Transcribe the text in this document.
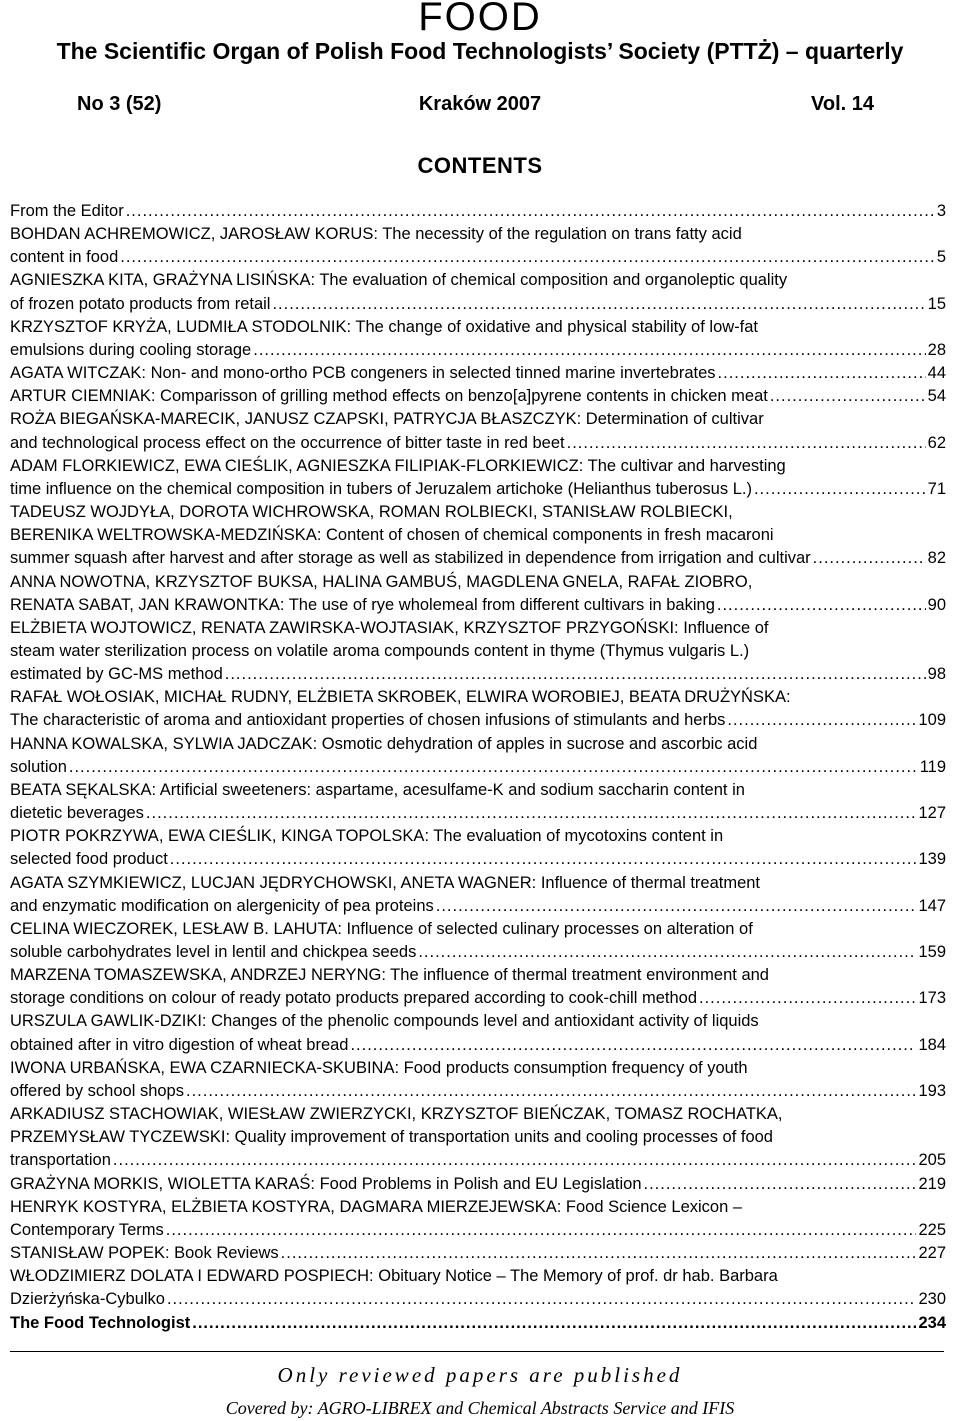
FOOD
The Scientific Organ of Polish Food Technologists’ Society (PTTŻ) – quarterly
No 3 (52)	Kraków 2007	Vol. 14
CONTENTS
From the Editor .....	3
BOHDAN ACHREMOWICZ, JAROSŁAW KORUS: The necessity of the regulation on trans fatty acid
content in food .....	5
AGNIESZKA KITA, GRAŻYNA LISIŃSKA: The evaluation of chemical composition and organoleptic quality
of frozen potato products from retail .....	15
KRZYSZTOF KRYŻA, LUDMIŁA STODOLNIK: The change of oxidative and physical stability of low-fat
emulsions during cooling storage .....	28
AGATA WITCZAK: Non- and mono-ortho PCB congeners in selected tinned marine invertebrates .....	44
ARTUR CIEMNIAK: Comparisson of grilling method effects on benzo[a]pyrene contents in chicken meat .....	54
ROŻA BIEGAŃSKA-MARECIK, JANUSZ CZAPSKI, PATRYCJA BŁASZCZYK: Determination of cultivar
and technological process effect on the occurrence of bitter taste in red beet .....	62
ADAM FLORKIEWICZ, EWA CIEŚLIK, AGNIESZKA FILIPIAK-FLORKIEWICZ: The cultivar and harvesting
time influence on the chemical composition in tubers of Jeruzalem artichoke (Helianthus tuberosus L.) .....	71
TADEUSZ WOJDYŁA, DOROTA WICHROWSKA, ROMAN ROLBIECKI, STANISŁAW ROLBIECKI,
BERENIKA WELTROWSKA-MEDZIŃSKA: Content of chosen of chemical components in fresh macaroni
summer squash after harvest and after storage as well as stabilized in dependence from irrigation and cultivar .....	82
ANNA NOWOTNA, KRZYSZTOF BUKSA, HALINA GAMBUŚ, MAGDLENA GNELA, RAFAŁ ZIOBRO,
RENATA SABAT, JAN KRAWONTKA: The use of rye wholemeal from different cultivars in baking .....	90
ELŻBIETA WOJTOWICZ, RENATA ZAWIRSKA-WOJTASIAK, KRZYSZTOF PRZYGOŃSKI: Influence of
steam water sterilization process on volatile aroma compounds content in thyme (Thymus vulgaris L.)
estimated by GC-MS method .....	98
RAFAŁ WOŁOSIAK, MICHAŁ RUDNY, ELŻBIETA SKROBEK, ELWIRA WOROBIEJ, BEATA DRUŻYŃSKA:
The characteristic of aroma and antioxidant properties of chosen infusions of stimulants and herbs .....	109
HANNA KOWALSKA, SYLWIA JADCZAK: Osmotic dehydration of apples in sucrose and ascorbic acid
solution .....	119
BEATA SĘKALSKA: Artificial sweeteners: aspartame, acesulfame-K and sodium saccharin content in
dietetic beverages .....	127
PIOTR POKRZYWA, EWA CIEŚLIK, KINGA TOPOLSKA: The evaluation of mycotoxins content in
selected food product .....	139
AGATA SZYMKIEWICZ, LUCJAN JĘDRYCHOWSKI, ANETA WAGNER: Influence of thermal treatment
and enzymatic modification on alergenicity of pea proteins .....	147
CELINA WIECZOREK, LESŁAW B. LAHUTA: Influence of selected culinary processes on alteration of
soluble carbohydrates level in lentil and chickpea seeds .....	159
MARZENA TOMASZEWSKA, ANDRZEJ NERYNG: The influence of thermal treatment environment and
storage conditions on colour of ready potato products prepared according to cook-chill method .....	173
URSZULA GAWLIK-DZIKI: Changes of the phenolic compounds level and antioxidant activity of liquids
obtained after in vitro digestion of wheat bread .....	184
IWONA URBAŃSKA, EWA CZARNIECKA-SKUBINA: Food products consumption frequency of youth
offered by school shops .....	193
ARKADIUSZ STACHOWIAK, WIESŁAW ZWIERZYCKI, KRZYSZTOF BIEŃCZAK, TOMASZ ROCHATKA,
PRZEMYSŁAW TYCZEWSKI: Quality improvement of transportation units and cooling processes of food
transportation .....	205
GRAŻYNA MORKIS, WIOLETTA KARAŚ: Food Problems in Polish and EU Legislation .....	219
HENRYK KOSTYRA, ELŻBIETA KOSTYRA, DAGMARA MIERZEJEWSKA: Food Science Lexicon –
Contemporary Terms .....	225
STANISŁAW POPEK: Book Reviews .....	227
WŁODZIMIERZ DOLATA I EDWARD POSPIECH: Obituary Notice – The Memory of prof. dr hab. Barbara
Dzierżyńska-Cybulko .....	230
The Food Technologist .....	234
Only reviewed papers are published
Covered by: AGRO-LIBREX and Chemical Abstracts Service and IFIS
